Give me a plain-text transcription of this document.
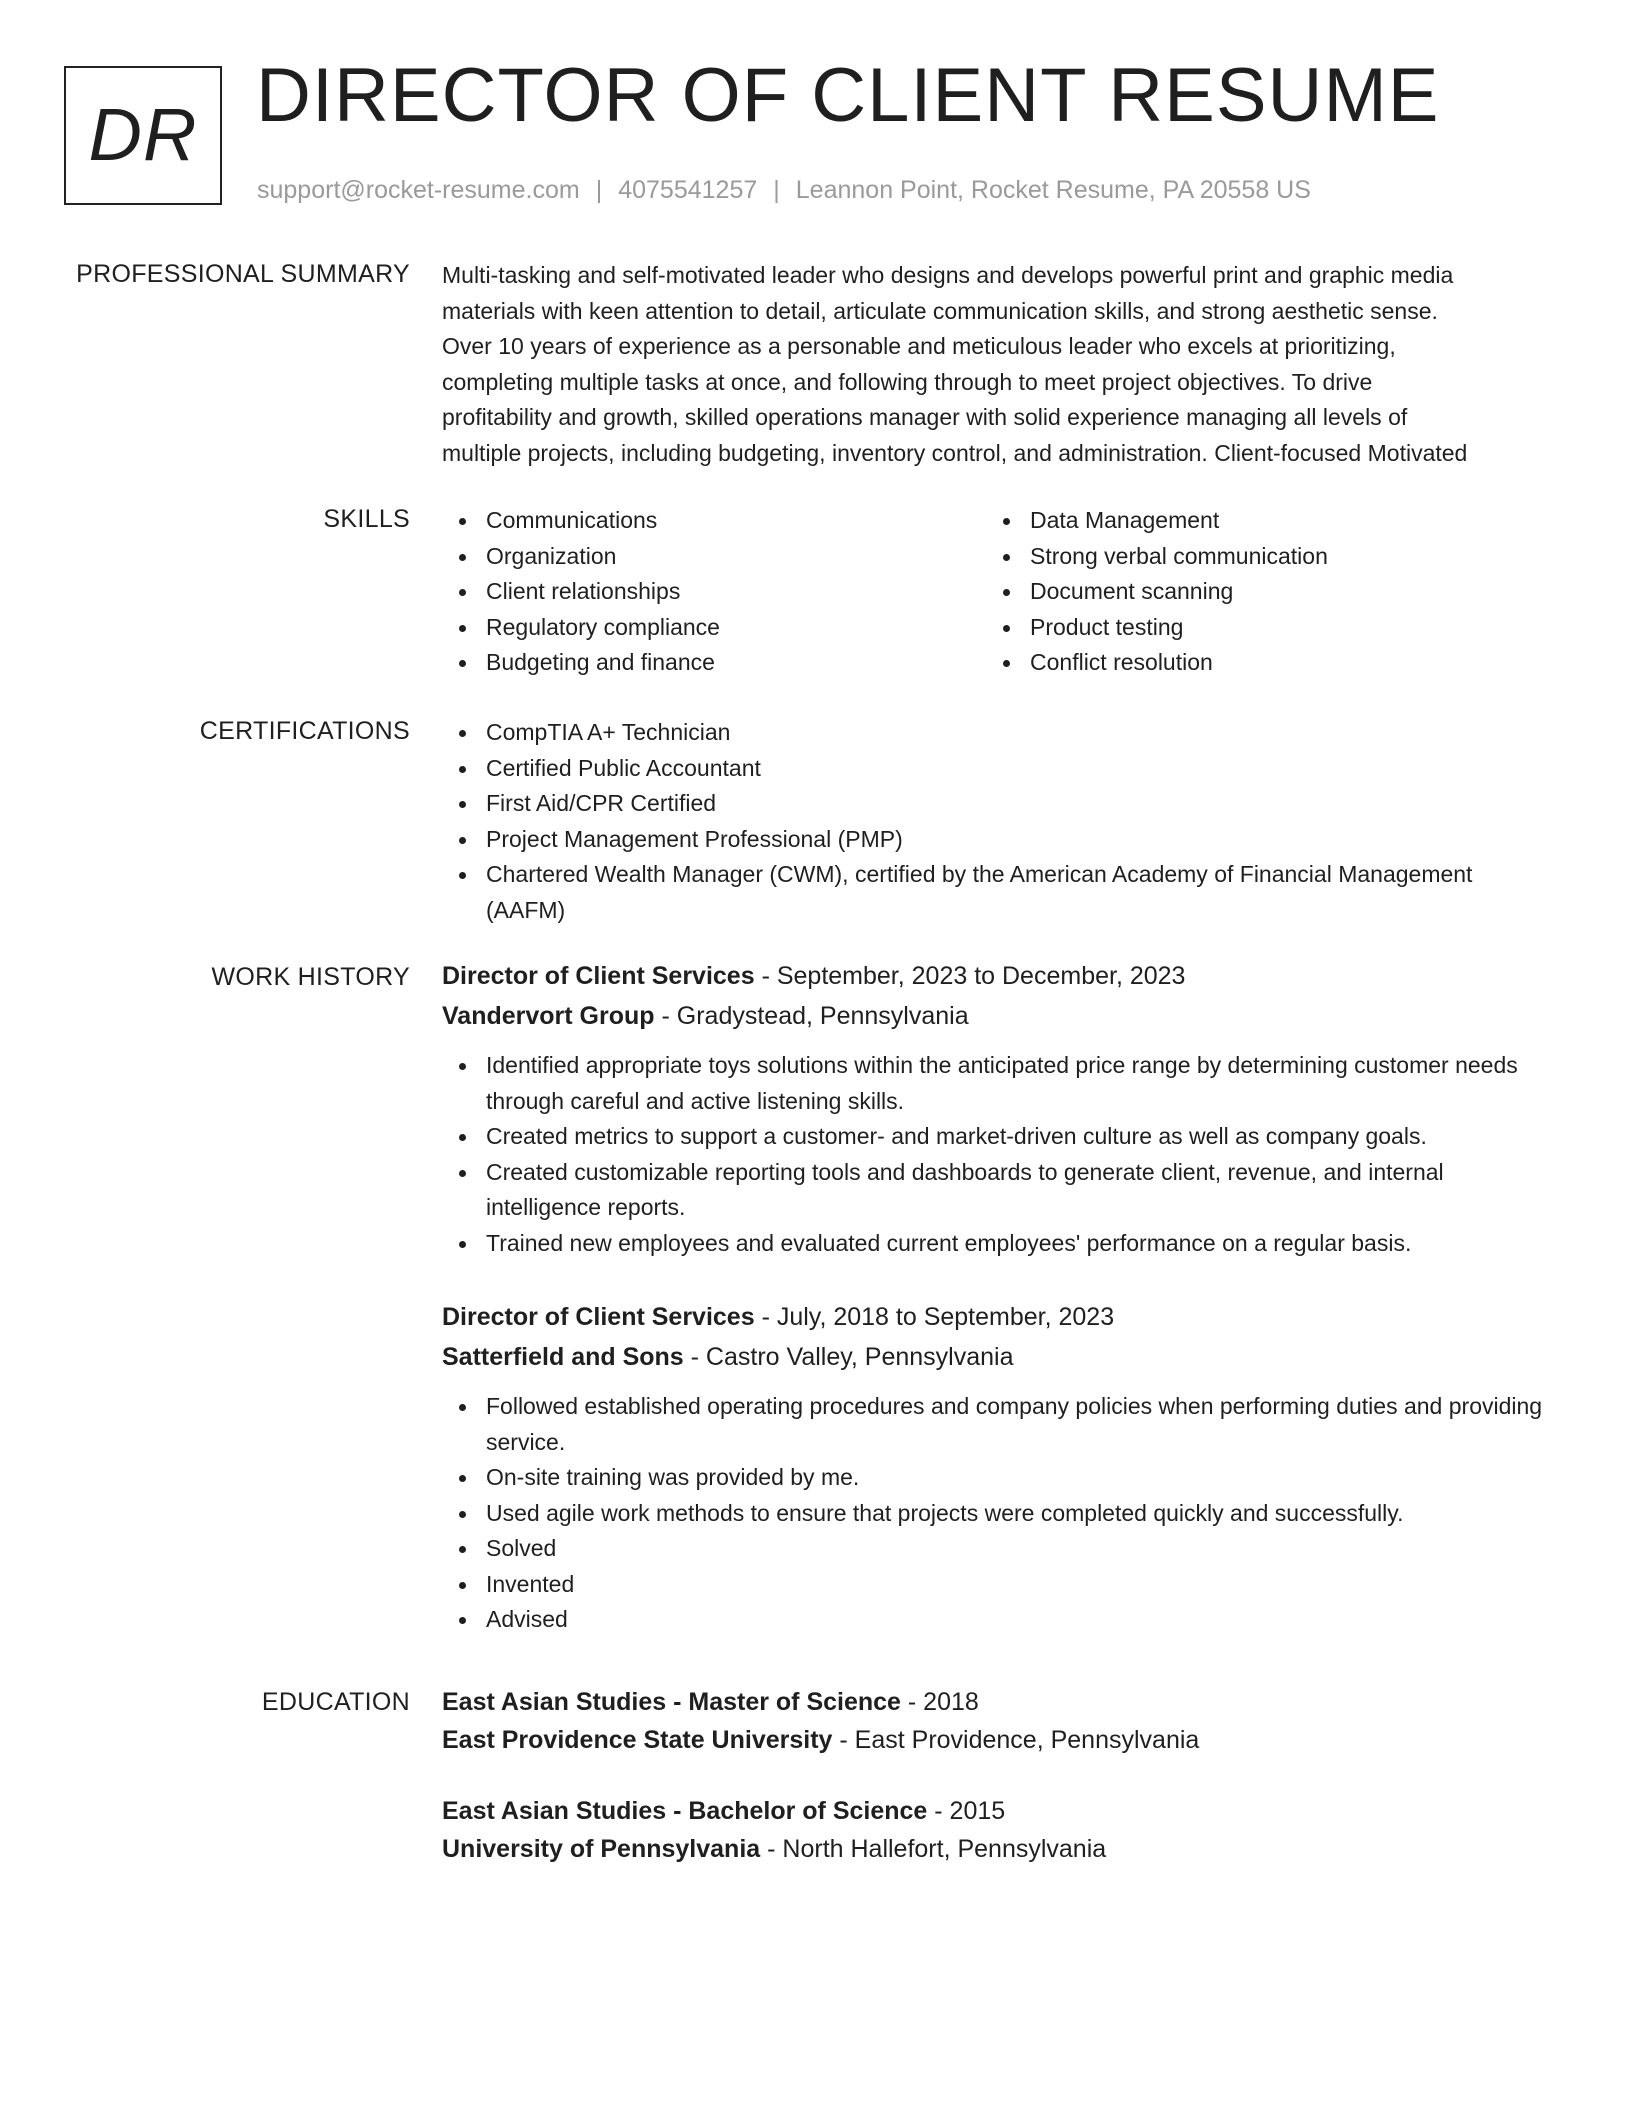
DR DIRECTOR OF CLIENT RESUME
support@rocket-resume.com | 4075541257 | Leannon Point, Rocket Resume, PA 20558 US
PROFESSIONAL SUMMARY Multi-tasking and self-motivated leader who designs and develops powerful print and graphic media
materials with keen attention to detail, articulate communication skills, and strong aesthetic sense.
Over 10 years of experience as a personable and meticulous leader who excels at prioritizing,
completing multiple tasks at once, and following through to meet project objectives. To drive
profitability and growth, skilled operations manager with solid experience managing all levels of
multiple projects, including budgeting, inventory control, and administration. Client-focused Motivated

SKILLS	Communications
Organization
Client relationships
Regulatory compliance
Budgeting and finance
Data Management
Strong verbal communication
Document scanning
Product testing
Conflict resolution
CERTIFICATIONS	CompTIA A+ Technician
Certified Public Accountant
First Aid/CPR Certified
Project Management Professional (PMP)
Chartered Wealth Manager (CWM), certified by the American Academy of Financial Management (AAFM)
WORK HISTORY Director of Client Services - September, 2023 to December, 2023
Vandervort Group - Gradystead, Pennsylvania
Identified appropriate toys solutions within the anticipated price range by determining customer needs through careful and active listening skills.
Created metrics to support a customer- and market-driven culture as well as company goals.
Created customizable reporting tools and dashboards to generate client, revenue, and internal intelligence reports.
Trained new employees and evaluated current employees' performance on a regular basis.
Director of Client Services - July, 2018 to September, 2023
Satterfield and Sons - Castro Valley, Pennsylvania
Followed established operating procedures and company policies when performing duties and providing service.
On-site training was provided by me.
Used agile work methods to ensure that projects were completed quickly and successfully.
Solved
Invented
Advised
EDUCATION East Asian Studies - Master of Science - 2018
East Providence State University - East Providence, Pennsylvania
East Asian Studies - Bachelor of Science - 2015
University of Pennsylvania - North Hallefort, Pennsylvania
